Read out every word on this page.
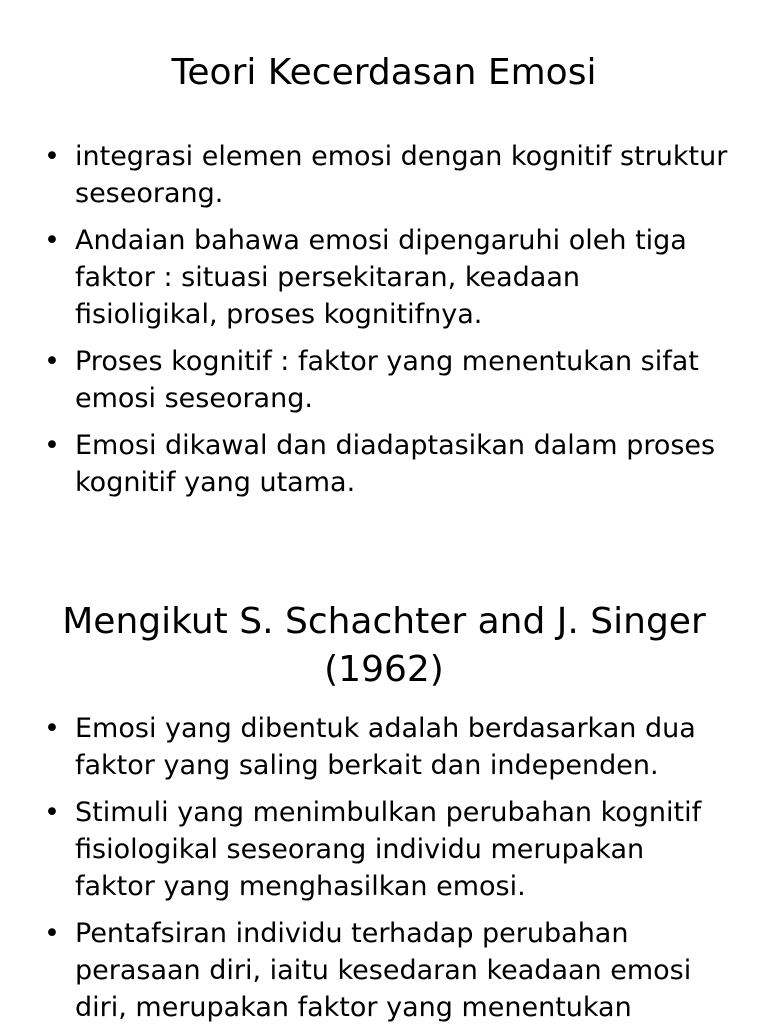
Teori Kecerdasan Emosi
• integrasi elemen emosi dengan kognitif struktur seseorang.
• Andaian bahawa emosi dipengaruhi oleh tiga faktor : situasi persekitaran, keadaan fisioligikal, proses kognitifnya.
• Proses kognitif : faktor yang menentukan sifat emosi seseorang.
• Emosi dikawal dan diadaptasikan dalam proses kognitif yang utama.
Mengikut S. Schachter and J. Singer (1962)
• Emosi yang dibentuk adalah berdasarkan dua faktor yang saling berkait dan independen.
• Stimuli yang menimbulkan perubahan kognitif fisiologikal seseorang individu merupakan faktor yang menghasilkan emosi.
• Pentafsiran individu terhadap perubahan perasaan diri, iaitu kesedaran keadaan emosi diri, merupakan faktor yang menentukan
